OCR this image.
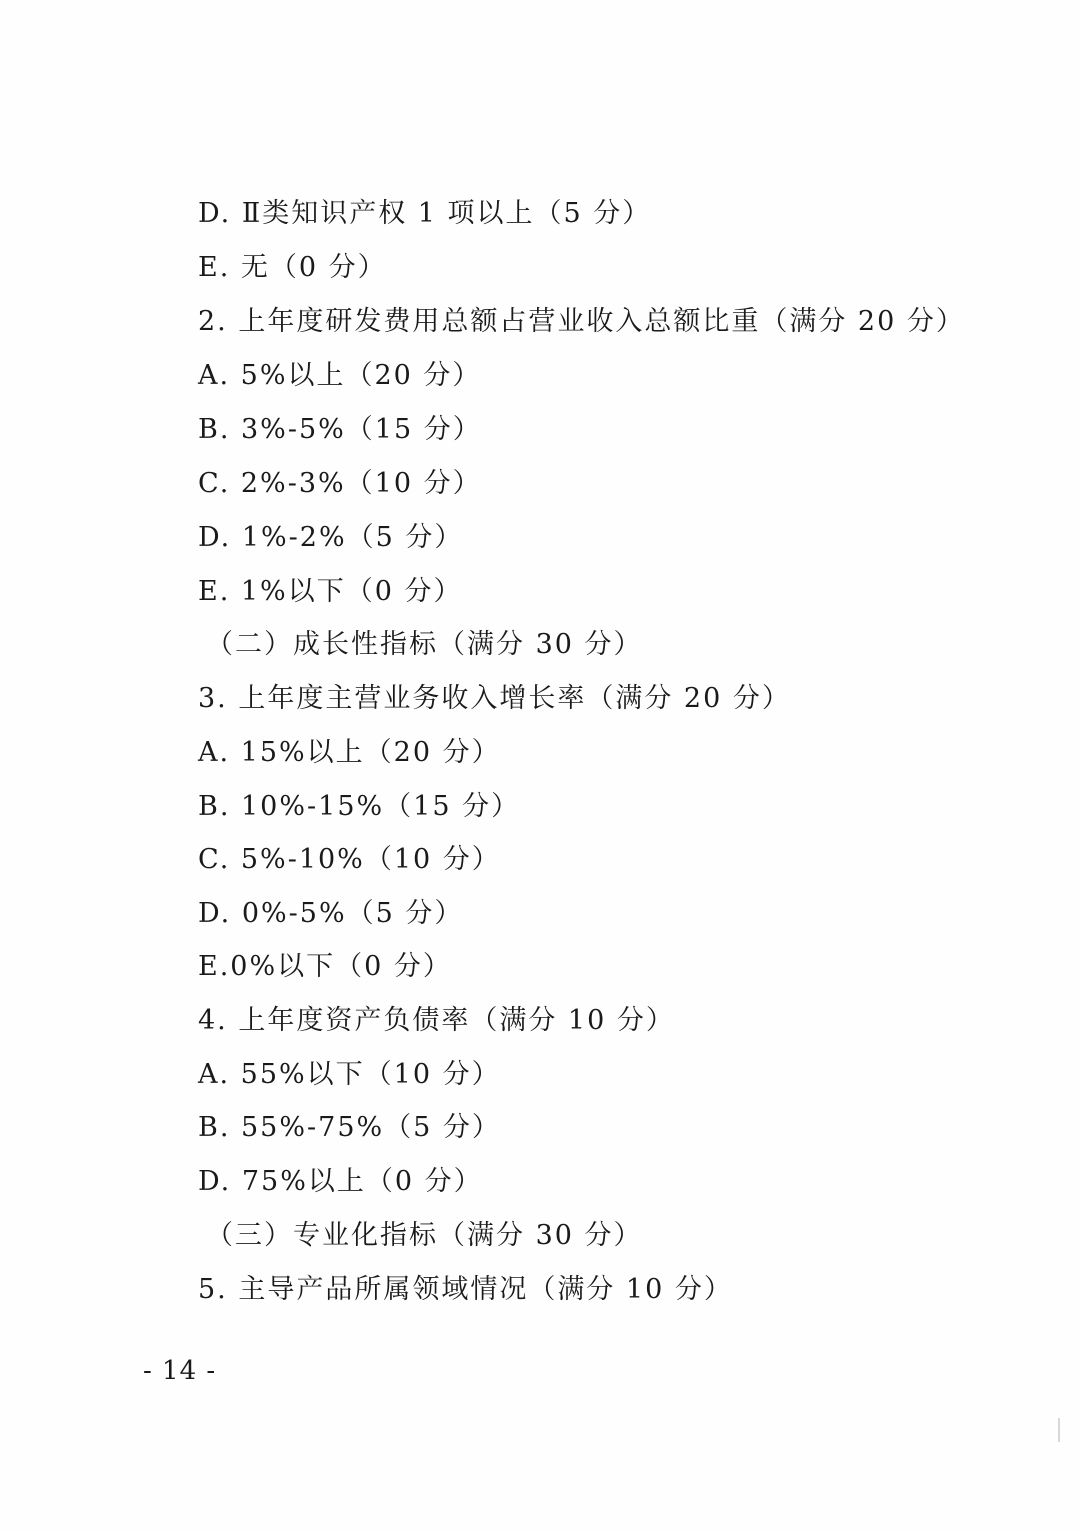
D. Ⅱ类知识产权 1 项以上（5 分）
E. 无（0 分）
2. 上年度研发费用总额占营业收入总额比重（满分 20 分）
A. 5%以上（20 分）
B. 3%-5%（15 分）
C. 2%-3%（10 分）
D. 1%-2%（5 分）
E. 1%以下（0 分）
（二）成长性指标（满分 30 分）
3. 上年度主营业务收入增长率（满分 20 分）
A. 15%以上（20 分）
B. 10%-15%（15 分）
C. 5%-10%（10 分）
D. 0%-5%（5 分）
E.0%以下（0 分）
4. 上年度资产负债率（满分 10 分）
A. 55%以下（10 分）
B. 55%-75%（5 分）
D. 75%以上（0 分）
（三）专业化指标（满分 30 分）
5. 主导产品所属领域情况（满分 10 分）
- 14 -
